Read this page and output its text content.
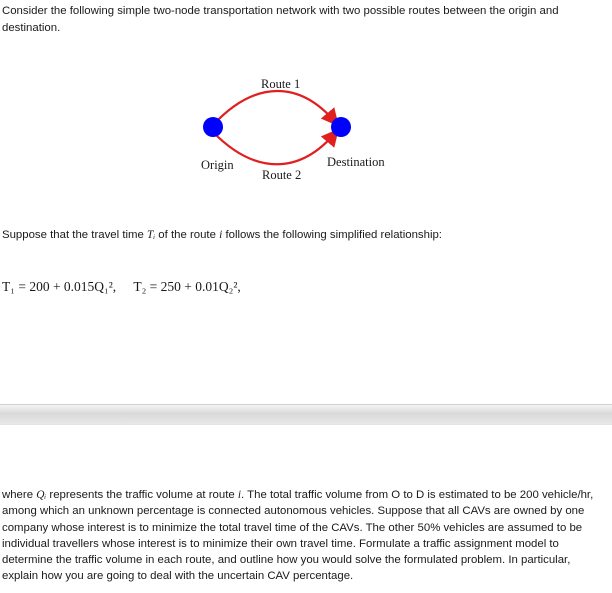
Consider the following simple two-node transportation network with two possible routes between the origin and destination.

Route 1
Route 2
Origin	Destination

Suppose that the travel time Tᵢ of the route i follows the following simplified relationship:

T₁ = 200 + 0.015Q₁², T₂ = 250 + 0.01Q₂²,

where Qᵢ represents the traffic volume at route i. The total traffic volume from O to D is estimated to be 200 vehicle/hr, among which an unknown percentage is connected autonomous vehicles. Suppose that all CAVs are owned by one company whose interest is to minimize the total travel time of the CAVs. The other 50% vehicles are assumed to be individual travellers whose interest is to minimize their own travel time. Formulate a traffic assignment model to determine the traffic volume in each route, and outline how you would solve the formulated problem. In particular, explain how you are going to deal with the uncertain CAV percentage.
